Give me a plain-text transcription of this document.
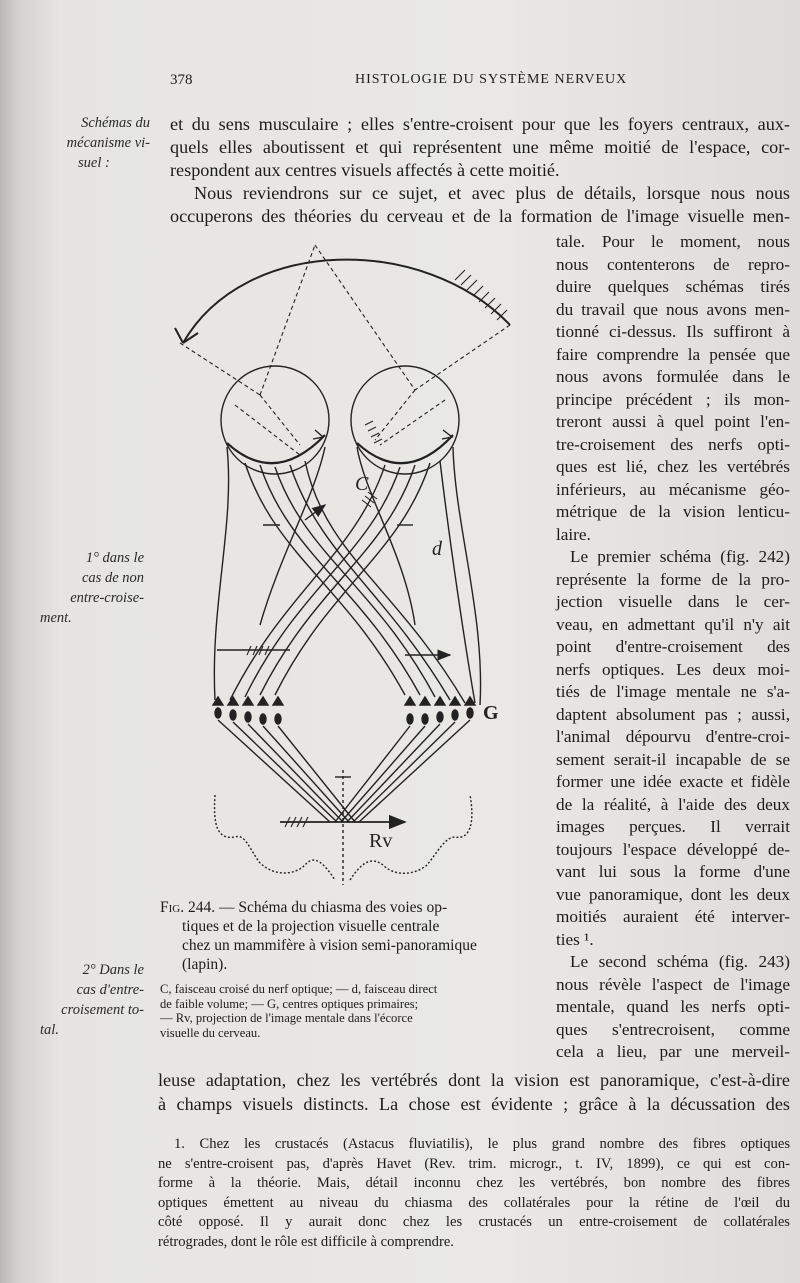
378	HISTOLOGIE DU SYSTÈME NERVEUX
Schémas du
mécanisme vi-
suel :
1° dans le
cas de non
entre-croise-
ment.
2° Dans le
cas d'entre-
croisement to-
tal.
et du sens musculaire ; elles s'entre-croisent pour que les foyers centraux, aux-
quels elles aboutissent et qui représentent une même moitié de l'espace, cor-
respondent aux centres visuels affectés à cette moitié.
Nous reviendrons sur ce sujet, et avec plus de détails, lorsque nous nous
occuperons des théories du cerveau et de la formation de l'image visuelle men-
C
d
G
Rv
Fig. 244. — Schéma du chiasma des voies op-
tiques et de la projection visuelle centrale
chez un mammifère à vision semi-panoramique
(lapin).
C, faisceau croisé du nerf optique; — d, faisceau direct
de faible volume; — G, centres optiques primaires;
— Rv, projection de l'image mentale dans l'écorce
visuelle du cerveau.
tale. Pour le moment, nous
nous contenterons de repro-
duire quelques schémas tirés
du travail que nous avons men-
tionné ci-dessus. Ils suffiront à
faire comprendre la pensée que
nous avons formulée dans le
principe précédent ; ils mon-
treront aussi à quel point l'en-
tre-croisement des nerfs opti-
ques est lié, chez les vertébrés
inférieurs, au mécanisme géo-
métrique de la vision lenticu-
laire.
Le premier schéma (fig. 242)
représente la forme de la pro-
jection visuelle dans le cer-
veau, en admettant qu'il n'y ait
point d'entre-croisement des
nerfs optiques. Les deux moi-
tiés de l'image mentale ne s'a-
daptent absolument pas ; aussi,
l'animal dépourvu d'entre-croi-
sement serait-il incapable de se
former une idée exacte et fidèle
de la réalité, à l'aide des deux
images perçues. Il verrait
toujours l'espace développé de-
vant lui sous la forme d'une
vue panoramique, dont les deux
moitiés auraient été interver-
ties ¹.
Le second schéma (fig. 243)
nous révèle l'aspect de l'image
mentale, quand les nerfs opti-
ques s'entrecroisent, comme
cela a lieu, par une merveil-
leuse adaptation, chez les vertébrés dont la vision est panoramique, c'est-à-dire
à champs visuels distincts. La chose est évidente ; grâce à la décussation des
1. Chez les crustacés (Astacus fluviatilis), le plus grand nombre des fibres optiques
ne s'entre-croisent pas, d'après Havet (Rev. trim. microgr., t. IV, 1899), ce qui est con-
forme à la théorie. Mais, détail inconnu chez les vertébrés, bon nombre des fibres
optiques émettent au niveau du chiasma des collatérales pour la rétine de l'œil du
côté opposé. Il y aurait donc chez les crustacés un entre-croisement de collatérales
rétrogrades, dont le rôle est difficile à comprendre.
